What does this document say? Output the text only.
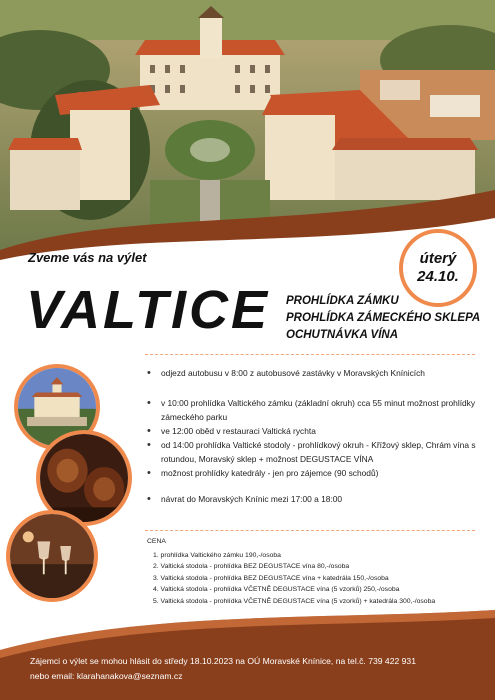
Zveme vás na výlet	úterý
24.10.
VALTICE PROHLÍDKA ZÁMKU
PROHLÍDKA ZÁMECKÉHO SKLEPA
OCHUTNÁVKA VÍNA
• odjezd autobusu v 8:00 z autobusové zastávky v Moravských Knínicích
• v 10:00 prohlídka Valtického zámku (základní okruh) cca 55 minut možnost prohlídky zámeckého parku
• ve 12:00 oběd v restauraci Valtická rychta
• od 14:00 prohlídka Valtické stodoly - prohlídkový okruh - Křížový sklep, Chrám vína s rotundou, Moravský sklep + možnost DEGUSTACE VÍNA
• možnost prohlídky katedrály - jen pro zájemce (90 schodů)
• návrat do Moravských Knínic mezi 17:00 a 18:00
CENA
1. prohlídka Valtického zámku 190,-/osoba
2. Valtická stodola - prohlídka BEZ DEGUSTACE vína 80,-/osoba
3. Valtická stodola - prohlídka BEZ DEGUSTACE vína + katedrála 150,-/osoba
4. Valtická stodola - prohlídka VČETNĚ DEGUSTACE vína (5 vzorků) 250,-/osoba
5. Valtická stodola - prohlídka VČETNĚ DEGUSTACE vína (5 vzorků) + katedrála 300,-/osoba
Zájemci o výlet se mohou hlásit do středy 18.10.2023 na OÚ Moravské Knínice, na tel.č. 739 422 931
nebo email: klarahanakova@seznam.cz
